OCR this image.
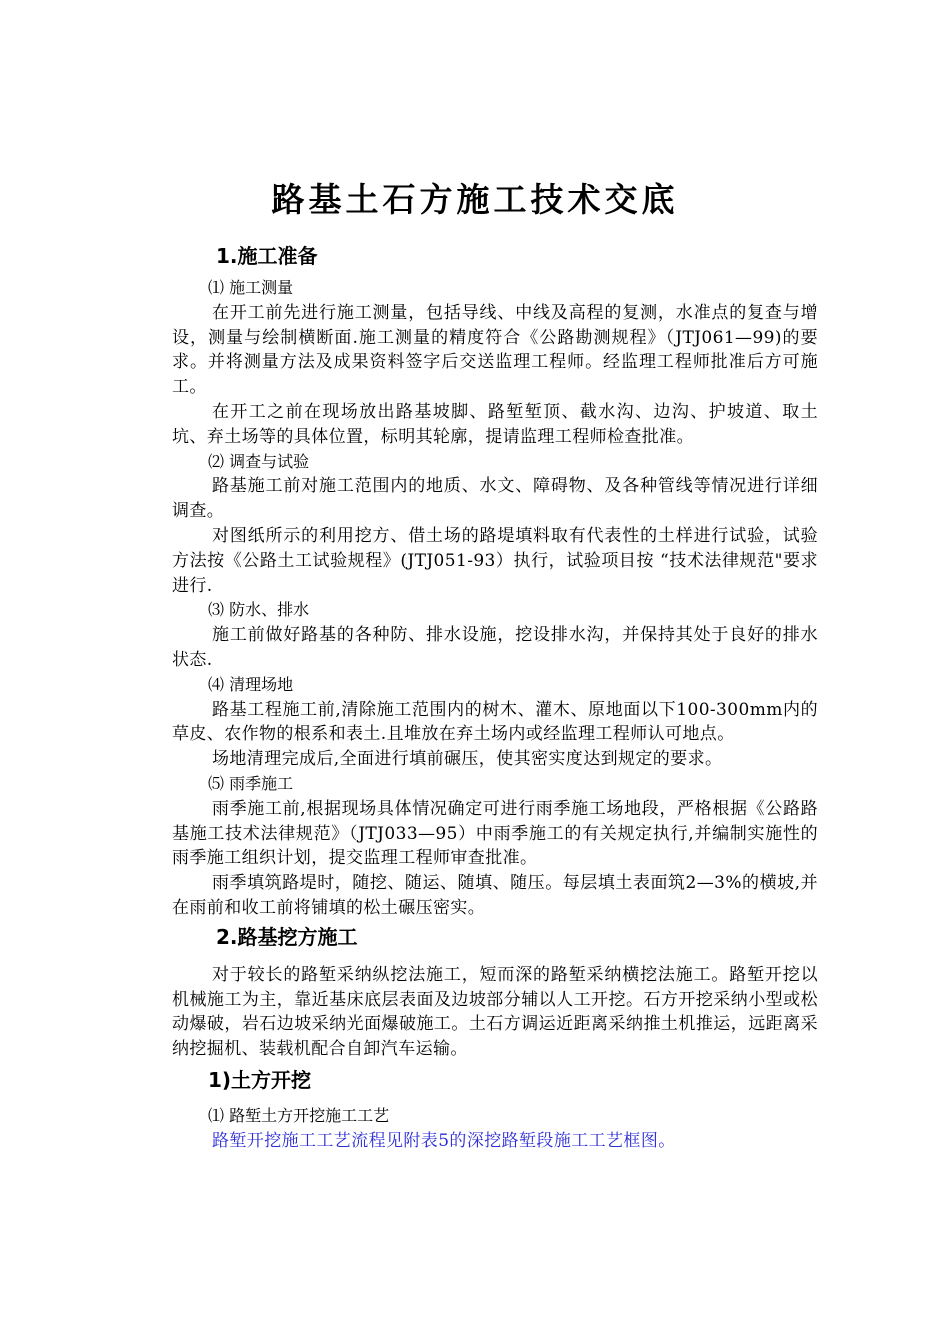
路基土石方施工技术交底
1.施工准备

⑴ 施工测量

在开工前先进行施工测量，包括导线、中线及高程的复测，水准点的复查与增设，测量与绘制横断面.施工测量的精度符合《公路勘测规程》（JTJ061—99)的要求。并将测量方法及成果资料签字后交送监理工程师。经监理工程师批准后方可施工。

在开工之前在现场放出路基坡脚、路堑堑顶、截水沟、边沟、护坡道、取土坑、弃土场等的具体位置，标明其轮廓，提请监理工程师检查批准。

⑵ 调查与试验

路基施工前对施工范围内的地质、水文、障碍物、及各种管线等情况进行详细调查。

对图纸所示的利用挖方、借土场的路堤填料取有代表性的土样进行试验，试验方法按《公路土工试验规程》(JTJ051-93）执行，试验项目按 “技术法律规范"要求进行.

⑶ 防水、排水

施工前做好路基的各种防、排水设施，挖设排水沟，并保持其处于良好的排水状态.

⑷ 清理场地

路基工程施工前,清除施工范围内的树木、灌木、原地面以下100-300mm内的草皮、农作物的根系和表土.且堆放在弃土场内或经监理工程师认可地点。

场地清理完成后,全面进行填前碾压，使其密实度达到规定的要求。

⑸ 雨季施工

雨季施工前,根据现场具体情况确定可进行雨季施工场地段，严格根据《公路路基施工技术法律规范》（JTJ033—95）中雨季施工的有关规定执行,并编制实施性的雨季施工组织计划，提交监理工程师审查批准。

雨季填筑路堤时，随挖、随运、随填、随压。每层填土表面筑2—3%的横坡,并在雨前和收工前将铺填的松土碾压密实。

2.路基挖方施工

对于较长的路堑采纳纵挖法施工，短而深的路堑采纳横挖法施工。路堑开挖以机械施工为主，靠近基床底层表面及边坡部分辅以人工开挖。石方开挖采纳小型或松动爆破，岩石边坡采纳光面爆破施工。土石方调运近距离采纳推土机推运，远距离采纳挖掘机、装载机配合自卸汽车运输。

1)土方开挖

⑴ 路堑土方开挖施工工艺

路堑开挖施工工艺流程见附表5的深挖路堑段施工工艺框图。
